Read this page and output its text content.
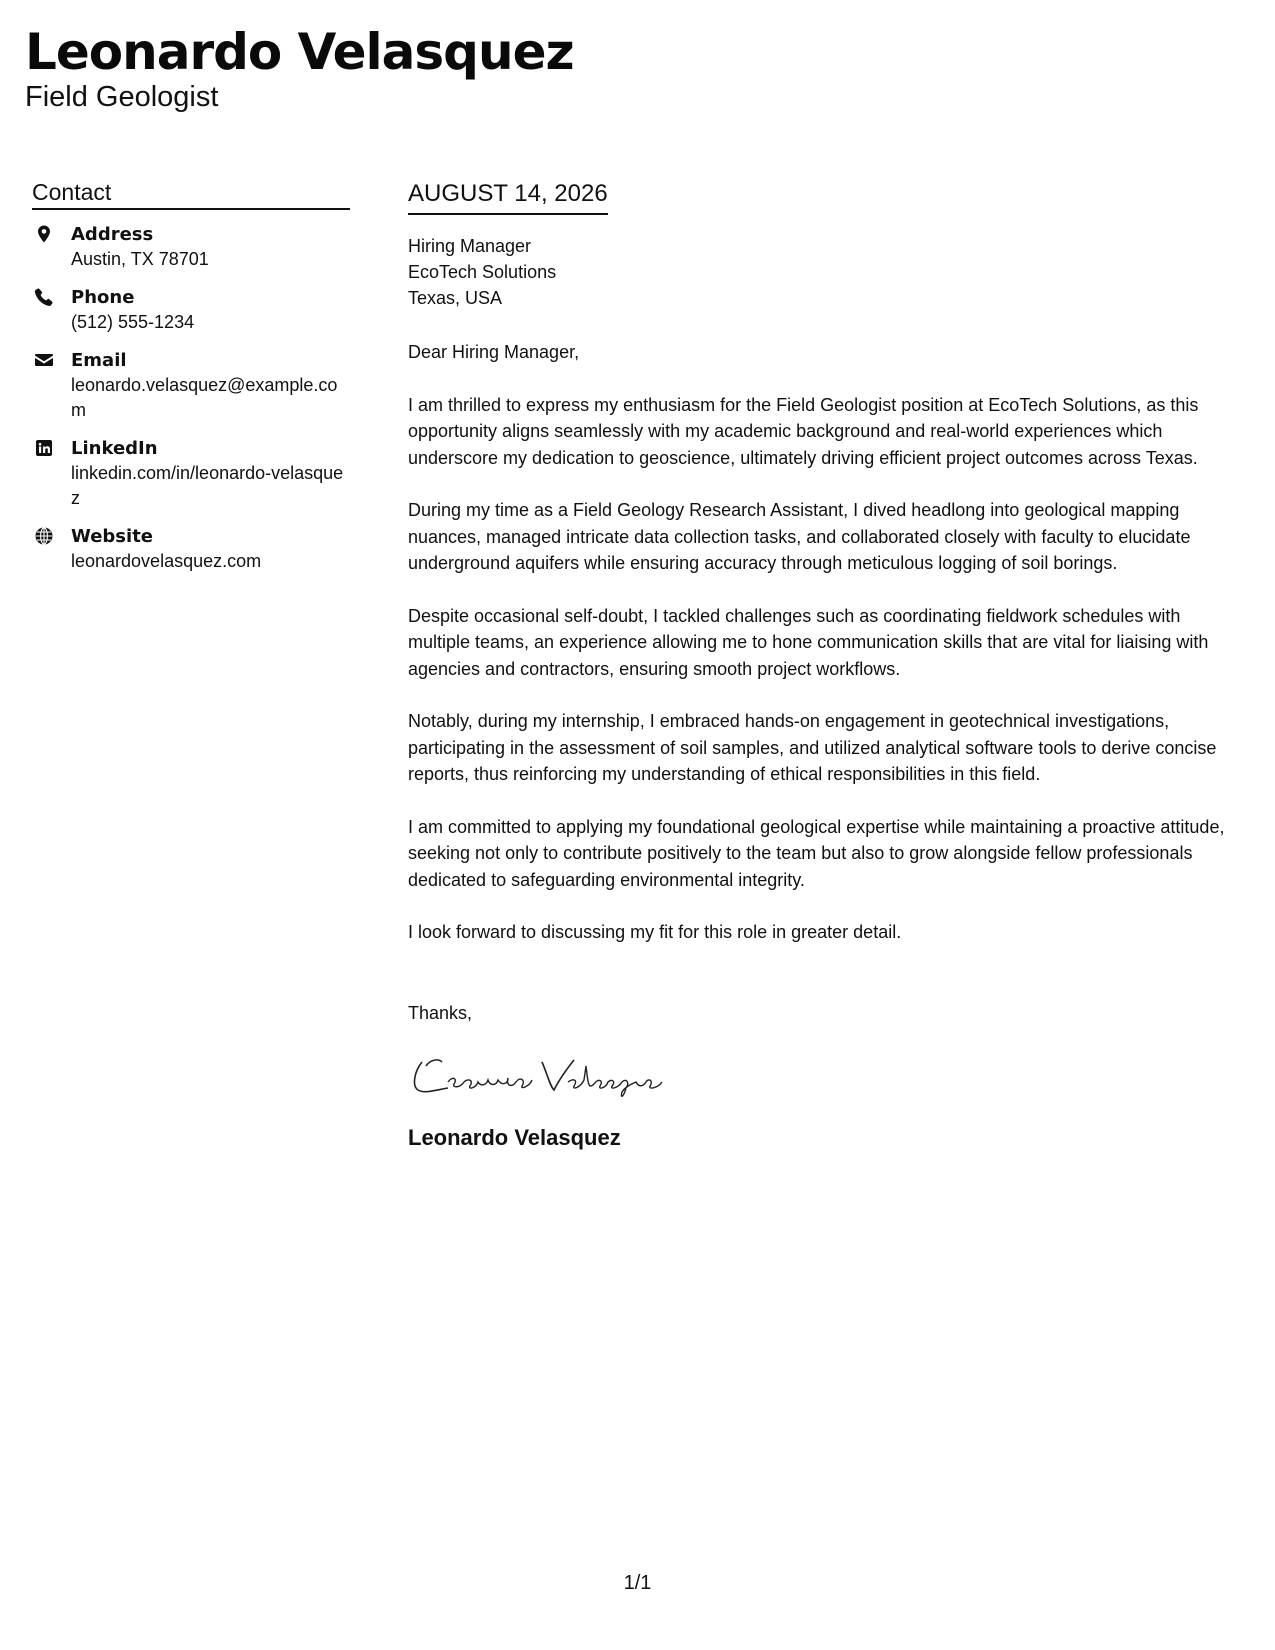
Leonardo Velasquez
Field Geologist
Contact
Address
Austin, TX 78701
Phone
(512) 555-1234
Email
leonardo.velasquez@example.com
LinkedIn
linkedin.com/in/leonardo-velasquez
Website
leonardovelasquez.com
AUGUST 14, 2026
Hiring Manager
EcoTech Solutions
Texas, USA

Dear Hiring Manager,

I am thrilled to express my enthusiasm for the Field Geologist position at EcoTech Solutions, as this opportunity aligns seamlessly with my academic background and real-world experiences which underscore my dedication to geoscience, ultimately driving efficient project outcomes across Texas.

During my time as a Field Geology Research Assistant, I dived headlong into geological mapping nuances, managed intricate data collection tasks, and collaborated closely with faculty to elucidate underground aquifers while ensuring accuracy through meticulous logging of soil borings.

Despite occasional self-doubt, I tackled challenges such as coordinating fieldwork schedules with multiple teams, an experience allowing me to hone communication skills that are vital for liaising with agencies and contractors, ensuring smooth project workflows.

Notably, during my internship, I embraced hands-on engagement in geotechnical investigations, participating in the assessment of soil samples, and utilized analytical software tools to derive concise reports, thus reinforcing my understanding of ethical responsibilities in this field.

I am committed to applying my foundational geological expertise while maintaining a proactive attitude, seeking not only to contribute positively to the team but also to grow alongside fellow professionals dedicated to safeguarding environmental integrity.

I look forward to discussing my fit for this role in greater detail.

Thanks,
Leonardo Velasquez
1/1
